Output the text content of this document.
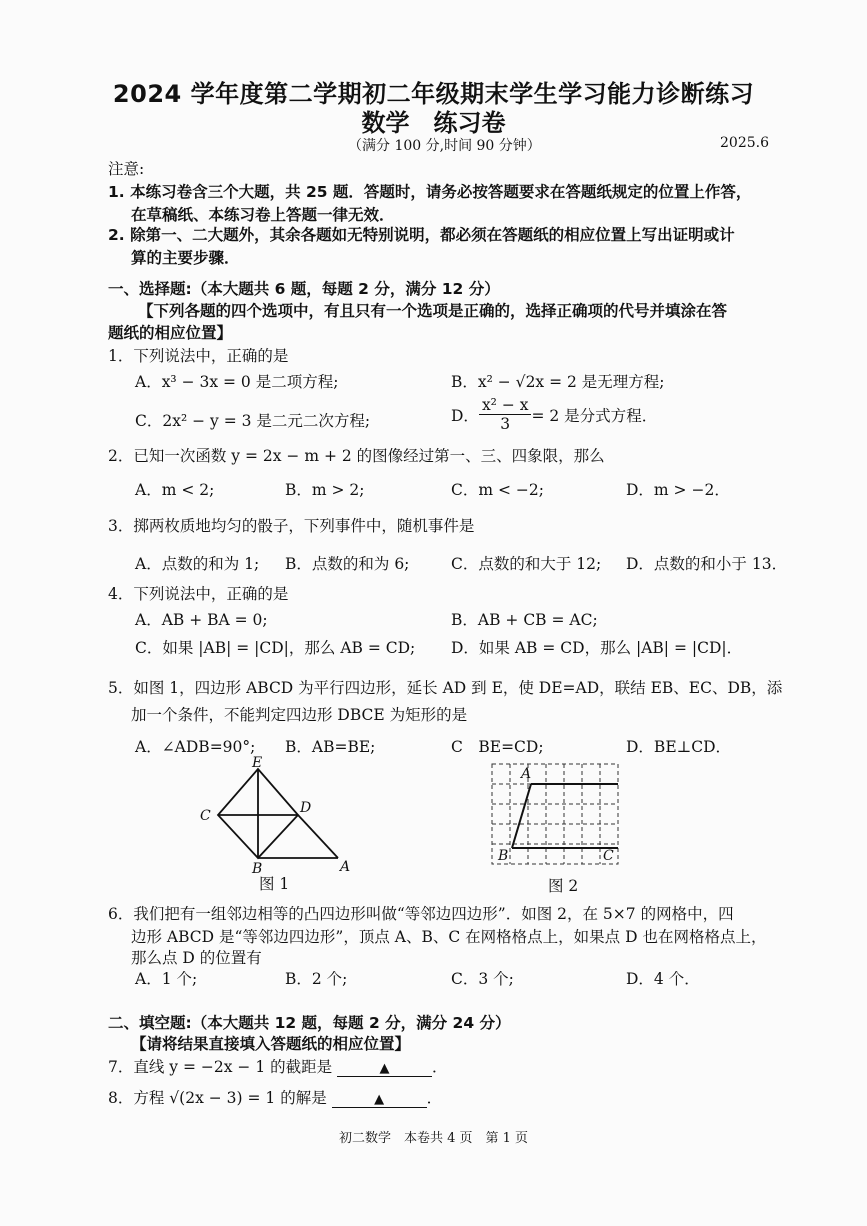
2024 学年度第二学期初二年级期末学生学习能力诊断练习
数学　练习卷
（满分 100 分,时间 90 分钟）	2025.6
注意:
1. 本练习卷含三个大题，共 25 题．答题时，请务必按答题要求在答题纸规定的位置上作答，
在草稿纸、本练习卷上答题一律无效．
2. 除第一、二大题外，其余各题如无特别说明，都必须在答题纸的相应位置上写出证明或计
算的主要步骤．
一、选择题:（本大题共 6 题，每题 2 分，满分 12 分）
【下列各题的四个选项中，有且只有一个选项是正确的，选择正确项的代号并填涂在答
题纸的相应位置】
1．下列说法中，正确的是
A．x³ − 3x = 0 是二项方程;	B．x² − √2x = 2 是无理方程;
C．2x² − y = 3 是二元二次方程;	D． $\frac{\text{x² − x}}{3} = 2$ 是分式方程．
2．已知一次函数 y = 2x − m + 2 的图像经过第一、三、四象限，那么
A．m < 2;	B．m > 2;	C．m < −2;	D．m > −2．
3．掷两枚质地均匀的骰子，下列事件中，随机事件是
A．点数的和为 1; B．点数的和为 6;	C．点数的和大于 12; D．点数的和小于 13．
4．下列说法中，正确的是
A．AB + BA = 0;	B．AB + CB = AC;
C．如果 |AB| = |CD|，那么 AB = CD; D．如果 AB = CD，那么 |AB| = |CD|．
5．如图 1，四边形 ABCD 为平行四边形，延长 AD 到 E，使 DE=AD，联结 EB、EC、DB，添
加一个条件，不能判定四边形 DBCE 为矩形的是
A．∠ADB=90°; B．AB=BE;	C　BE=CD;	D．BE⊥CD．
E
C	D
B	A
图 1
A
B	C
图 2
6．我们把有一组邻边相等的凸四边形叫做“等邻边四边形”．如图 2，在 5×7 的网格中，四
边形 ABCD 是“等邻边四边形”，顶点 A、B、C 在网格格点上，如果点 D 也在网格格点上，
那么点 D 的位置有
A．1 个;	B．2 个;	C．3 个;	D．4 个．
二、填空题:（本大题共 12 题，每题 2 分，满分 24 分）
【请将结果直接填入答题纸的相应位置】
7．直线 y = −2x − 1 的截距是	▲	．
8．方程 √(2x − 3) = 1 的解是	▲	．
初二数学　本卷共 4 页　第 1 页
